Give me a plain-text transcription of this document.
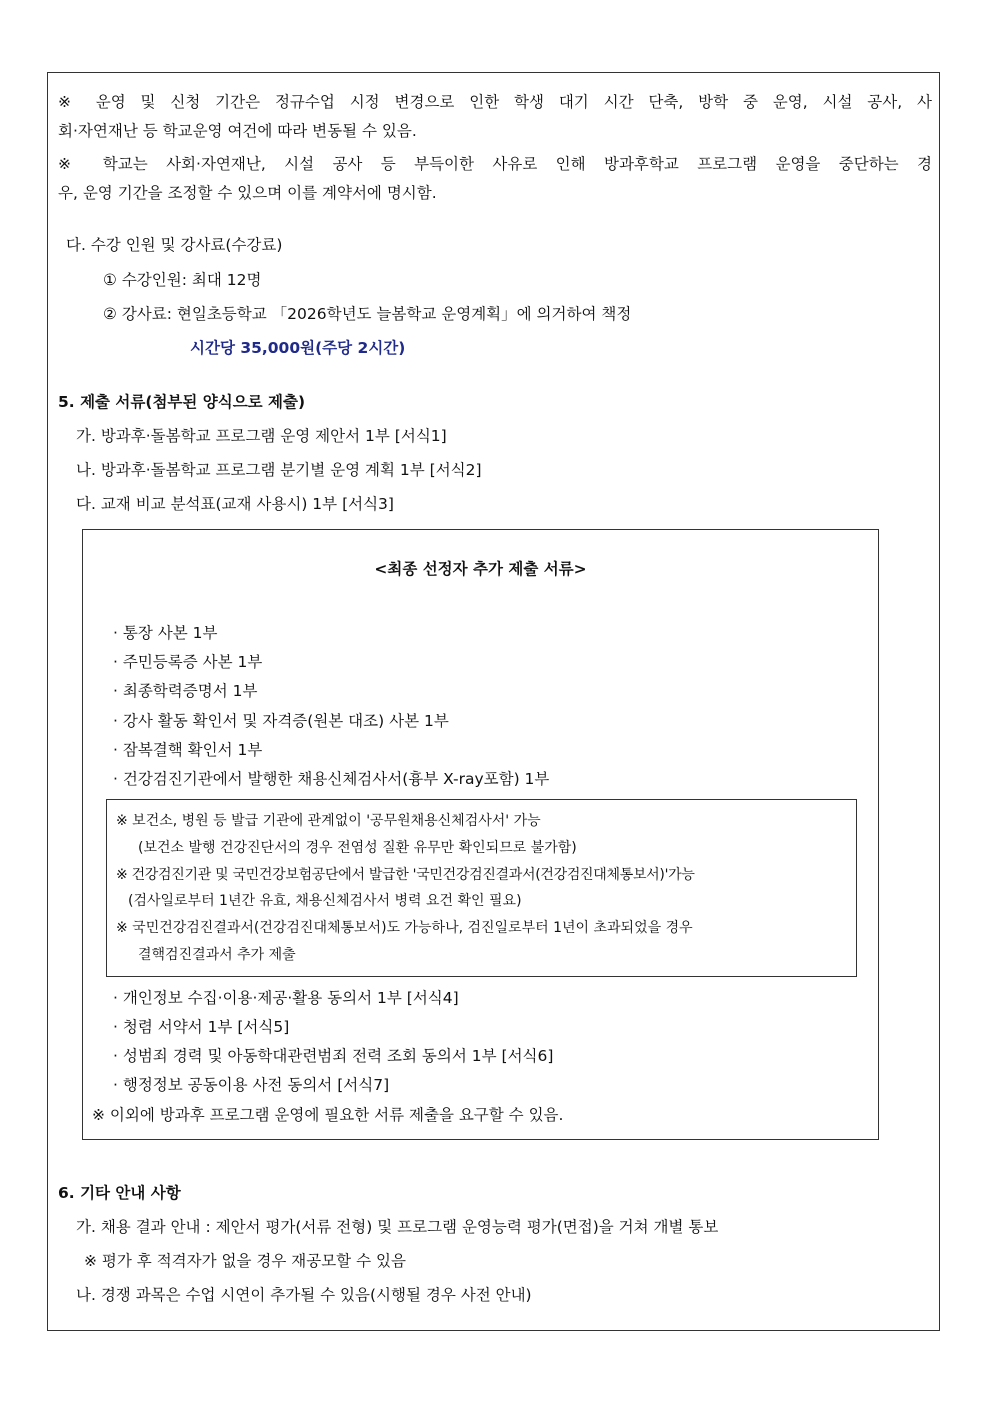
※ 운영 및 신청 기간은 정규수업 시정 변경으로 인한 학생 대기 시간 단축, 방학 중 운영, 시설 공사, 사
회·자연재난 등 학교운영 여건에 따라 변동될 수 있음.
※ 학교는 사회·자연재난, 시설 공사 등 부득이한 사유로 인해 방과후학교 프로그램 운영을 중단하는 경
우, 운영 기간을 조정할 수 있으며 이를 계약서에 명시함.
다. 수강 인원 및 강사료(수강료)
① 수강인원: 최대 12명
② 강사료: 현일초등학교 「2026학년도 늘봄학교 운영계획」에 의거하여 책정
시간당 35,000원(주당 2시간)
5. 제출 서류(첨부된 양식으로 제출)
가. 방과후·돌봄학교 프로그램 운영 제안서 1부 [서식1]
나. 방과후·돌봄학교 프로그램 분기별 운영 계획 1부 [서식2]
다. 교재 비교 분석표(교재 사용시) 1부 [서식3]
<최종 선정자 추가 제출 서류>
· 통장 사본 1부
· 주민등록증 사본 1부
· 최종학력증명서 1부
· 강사 활동 확인서 및 자격증(원본 대조) 사본 1부
· 잠복결핵 확인서 1부
· 건강검진기관에서 발행한 채용신체검사서(흉부 X-ray포함) 1부
※ 보건소, 병원 등 발급 기관에 관계없이 '공무원채용신체검사서' 가능
(보건소 발행 건강진단서의 경우 전염성 질환 유무만 확인되므로 불가함)
※ 건강검진기관 및 국민건강보험공단에서 발급한 '국민건강검진결과서(건강검진대체통보서)'가능
(검사일로부터 1년간 유효, 채용신체검사서 병력 요건 확인 필요)
※ 국민건강검진결과서(건강검진대체통보서)도 가능하나, 검진일로부터 1년이 초과되었을 경우
결핵검진결과서 추가 제출
· 개인정보 수집·이용·제공·활용 동의서 1부 [서식4]
· 청렴 서약서 1부 [서식5]
· 성범죄 경력 및 아동학대관련범죄 전력 조회 동의서 1부 [서식6]
· 행정정보 공동이용 사전 동의서 [서식7]
※ 이외에 방과후 프로그램 운영에 필요한 서류 제출을 요구할 수 있음.
6. 기타 안내 사항
가. 채용 결과 안내 : 제안서 평가(서류 전형) 및 프로그램 운영능력 평가(면접)을 거쳐 개별 통보
※ 평가 후 적격자가 없을 경우 재공모할 수 있음
나. 경쟁 과목은 수업 시연이 추가될 수 있음(시행될 경우 사전 안내)
